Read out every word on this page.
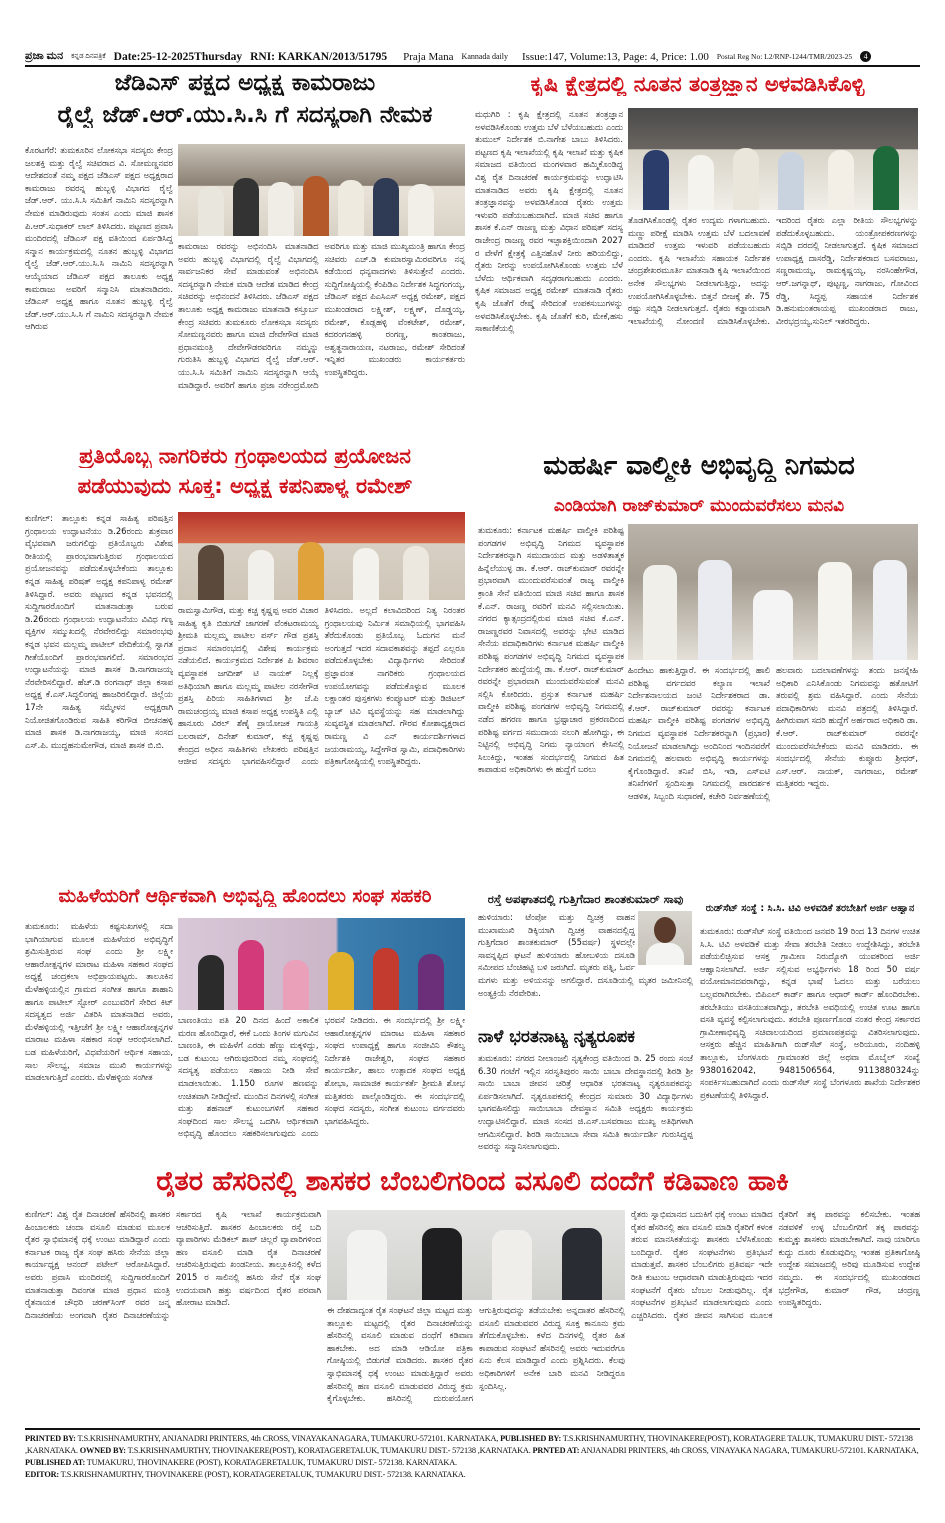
ಪ್ರಜಾ ಮನ ಕನ್ನಡ ದಿನಪತ್ರಿಕೆ Date:25-12-2025Thursday RNI: KARKAN/2013/51795 Praja Mana Kannada daily Issue:147, Volume:13, Page: 4, Price: 1.00 Postal Reg No: L2/RNP-1244/TMR/2023-25	4
ಜೆಡಿಎಸ್ ಪಕ್ಷದ ಅಧ್ಯಕ್ಷ ಕಾಮರಾಜು
ರೈಲ್ವೆ ಜೆಡ್.ಆರ್.ಯು.ಸಿ.ಸಿ ಗೆ ಸದಸ್ಯರಾಗಿ ನೇಮಕ
ಕೊರಟಗೆರೆ: ತುಮಕೂರಿನ ಲೋಕಸಭಾ ಸದಸ್ಯರು ಕೇಂದ್ರ ಜಲಶಕ್ತಿ ಮತ್ತು ರೈಲ್ವೆ ಸಚಿವರಾದ ವಿ. ಸೋಮಣ್ಣನವರ ಆದೇಶದಂತೆ ನಮ್ಮ ಪಕ್ಷದ ಜೆಡಿಎಸ್ ಪಕ್ಷದ ಅಧ್ಯಕ್ಷರಾದ ಕಾಮರಾಜು ರವರನ್ನ ಹುಬ್ಬಳ್ಳಿ ವಿಭಾಗದ ರೈಲ್ವೆ ಜೆಡ್.ಆರ್. ಯು.ಸಿ.ಸಿ ಸಮಿತಿಗೆ ನಾಮಿನಿ ಸದಸ್ಯರನ್ನಾಗಿ ನೇಮಕ ಮಾಡಿರುವುದು ಸಂತಸ ಎಂದು ಮಾಜಿ ಶಾಸಕ ಪಿ.ಆರ್.ಸುಧಾಕರ್ ಲಾಲ್ ತಿಳಿಸಿದರು. ಪಟ್ಟಣದ ಪ್ರವಾಸಿ ಮಂದಿರದಲ್ಲಿ ಜೆಡಿಎಸ್ ಪಕ್ಷ ವತಿಯಿಂದ ಏರ್ಪಡಿಸಿದ್ದ ಸನ್ಮಾನ ಕಾರ್ಯಕ್ರಮದಲ್ಲಿ ನೂತನ ಹುಬ್ಬಳ್ಳಿ ವಿಭಾಗದ ರೈಲ್ವೆ ಜೆಡ್.ಆರ್.ಯು.ಸಿ.ಸಿ ನಾಮಿನಿ ಸದಸ್ಯರನ್ನಾಗಿ ಆಯ್ಕೆಯಾದ ಜೆಡಿಎಸ್ ಪಕ್ಷದ ತಾಲೂಕು ಅಧ್ಯಕ್ಷ ಕಾಮರಾಜು ಅವರಿಗೆ ಸನ್ಮಾನಿಸಿ ಮಾತನಾಡಿದರು. ಜೆಡಿಎಸ್ ಅಧ್ಯಕ್ಷ ಹಾಗೂ ನೂತನ ಹುಬ್ಬಳ್ಳಿ ರೈಲ್ವೆ ಜೆಡ್.ಆರ್.ಯು.ಸಿ.ಸಿ ಗೆ ನಾಮಿನಿ ಸದಸ್ಯರನ್ನಾಗಿ ನೇಮಕ ಆಗಿರುವ
ಕಾಮರಾಜು ರವರನ್ನು ಅಭಿನಂದಿಸಿ ಮಾತನಾಡಿದ ಅವರು ಹುಬ್ಬಳ್ಳಿ ವಿಭಾಗದಲ್ಲಿ ರೈಲ್ವೆ ವಿಭಾಗದಲ್ಲಿ ಸಾರ್ವಜನಿಕರ ಸೇವೆ ಮಾಡುವಂತೆ ಅಭಿನಂದಿಸಿ ಸದಸ್ಯರನ್ನಾಗಿ ನೇಮಕ ಮಾಡಿ ಆದೇಶ ಮಾಡಿದ ಕೇಂದ್ರ ಸಚಿವರನ್ನು ಅಭಿನಂದನೆ ತಿಳಿಸಿದರು. ಜೆಡಿಎಸ್ ಪಕ್ಷದ ತಾಲೂಕು ಅಧ್ಯಕ್ಷ ಕಾಮರಾಜು ಮಾತನಾಡಿ ಕಸ್ತೂರ್ಬ ಕೇಂದ್ರ ಸಚಿವರು ತುಮಕೂರು ಲೋಕಸಭಾ ಸದಸ್ಯರು ಸೋಮಣ್ಣನವರು ಹಾಗೂ ಮಾಜಿ ದೇವೇಗೌಡ ಮಾಜಿ ಪ್ರಧಾನಮಂತ್ರಿ ದೇವೇಗೌಡರವರಿಗೂ ನಮ್ಮನ್ನು ಗುರುತಿಸಿ ಹುಬ್ಬಳ್ಳಿ ವಿಭಾಗದ ರೈಲ್ವೆ ಜೆಡ್.ಆರ್. ಯು.ಸಿ.ಸಿ ಸಮಿತಿಗೆ ನಾಮಿನಿ ಸದಸ್ಯರನ್ನಾಗಿ ಆಯ್ಕೆ ಮಾಡಿದ್ದಾರೆ. ಅವರಿಗೆ ಹಾಗೂ ಪ್ರಜಾ ನರೇಂದ್ರಮೋದಿ ಅವರಿಗೂ ಮತ್ತು ಮಾಜಿ ಮುಖ್ಯಮಂತ್ರಿ ಹಾಗೂ ಕೇಂದ್ರ ಸಚಿವರು ಎಚ್.ಡಿ ಕುಮಾರಸ್ವಾಮಿರವರಿಗೂ ನನ್ನ ಕಡೆಯಿಂದ ಧನ್ಯವಾದಗಳು ತಿಳಿಸುತ್ತೇನೆ ಎಂದರು. ಸುದ್ದಿಗೋಷ್ಠಿಯಲ್ಲಿ ಕೆಂಪಿಡಿಎ ನಿರ್ದೇಶಕ ಸಿದ್ಧಗಂಗಯ್ಯ, ಜೆಡಿಎಸ್ ಪಕ್ಷದ ಪಿಎಸಿಎಸ್ ಅಧ್ಯಕ್ಷ ರಮೇಶ್, ಪಕ್ಷದ ಮುಖಂಡರಾದ ಲಕ್ಷ್ಮೀಶ್, ಲಕ್ಷ್ಮಣ್, ದೊಡ್ಡಯ್ಯ, ರಮೇಶ್, ಕೊಡ್ಲಹಳ್ಳಿ ವೆಂಕಟೇಶ್, ರಮೇಶ್, ಕದರಂಗನಹಳ್ಳಿ ರಂಗಣ್ಣ, ಕಾಂತರಾಜು, ಅಶ್ವತ್ಥನಾರಾಯಣ, ನಟರಾಜು, ರಮೇಶ್ ಸೇರಿದಂತೆ ಇನ್ನಿತರ ಮುಖಂಡರು ಕಾರ್ಯಕರ್ತರು ಉಪಸ್ಥಿತರಿದ್ದರು.
ಕೃಷಿ ಕ್ಷೇತ್ರದಲ್ಲಿ ನೂತನ ತಂತ್ರಜ್ಞಾನ ಅಳವಡಿಸಿಕೊಳ್ಳಿ
ಮಧುಗಿರಿ : ಕೃಷಿ ಕ್ಷೇತ್ರದಲ್ಲಿ ನೂತನ ತಂತ್ರಜ್ಞಾನ ಅಳವಡಿಸಿಕೊಂಡು ಉತ್ತಮ ಬೆಳೆ ಬೆಳೆಯಬಹುದು ಎಂದು ತುಮುಲ್ ನಿರ್ದೇಶಕ ಬಿ.ನಾಗೇಶ ಬಾಬು ತಿಳಿಸಿದರು. ಪಟ್ಟಣದ ಕೃಷಿ ಇಲಾಖೆಯಲ್ಲಿ ಕೃಷಿ ಇಲಾಖೆ ಮತ್ತು ಕೃಷಿಕ ಸಮಾಜದ ವತಿಯಿಂದ ಮಂಗಳವಾರ ಹಮ್ಮಿಕೊಂಡಿದ್ದ ವಿಶ್ವ ರೈತ ದಿನಾಚರಣೆ ಕಾರ್ಯಕ್ರಮವನ್ನು ಉದ್ಘಾಟಿಸಿ ಮಾತನಾಡಿದ ಅವರು ಕೃಷಿ ಕ್ಷೇತ್ರದಲ್ಲಿ ನೂತನ ತಂತ್ರಜ್ಞಾನವನ್ನು ಅಳವಡಿಸಿಕೊಂಡ ರೈತರು ಉತ್ತಮ ಇಳುವರಿ ಪಡೆಯಬಹುದಾಗಿದೆ. ಮಾಜಿ ಸಚಿವ ಹಾಗೂ ಶಾಸಕ ಕೆ.ಎನ್ ರಾಜಣ್ಣ ಮತ್ತು ವಿಧಾನ ಪರಿಷತ್ ಸದಸ್ಯ ರಾಜೇಂದ್ರ ರಾಜಣ್ಣ ರವರ ಇಚ್ಛಾಶಕ್ತಿಯಿಂದಾಗಿ 2027 ರ ವೇಳೆಗೆ ಕ್ಷೇತ್ರಕ್ಕೆ ಎತ್ತಿನಹೊಳೆ ನೀರು ಹರಿಯಲಿದ್ದು, ರೈತರು ನೀರನ್ನು ಉಪಯೋಗಿಸಿಕೊಂಡು ಉತ್ತಮ ಬೆಳೆ ಬೆಳೆದು ಆರ್ಥಿಕವಾಗಿ ಸದೃಢರಾಗಬಹುದು ಎಂದರು. ಕೃಷಿಕ ಸಮಾಜದ ಅಧ್ಯಕ್ಷ ರಮೇಶ್ ಮಾತನಾಡಿ ರೈತರು ಕೃಷಿ ಜೊತೆಗೆ ರೇಷ್ಮೆ ಸೇರಿದಂತೆ ಉಪಕಸುಬುಗಳನ್ನು ಅಳವಡಿಸಿಕೊಳ್ಳಬೇಕು. ಕೃಷಿ ಜೊತೆಗೆ ಕುರಿ, ಮೇಕೆ,ಹಸು ಸಾಕಾಣಿಕೆಯಲ್ಲಿ
ತೊಡಗಿಸಿಕೊಂಡಲ್ಲಿ ರೈತರ ಉದ್ಯಮ ಗಳಾಗಬಹುದು. ಮಣ್ಣು ಪರೀಕ್ಷೆ ಮಾಡಿಸಿ ಉತ್ತಮ ಬೆಳೆ ಬದಲಾವಣೆ ಮಾಡಿದರೆ ಉತ್ತಮ ಇಳುವರಿ ಪಡೆಯಬಹುದು ಎಂದರು. ಕೃಷಿ ಇಲಾಖೆಯ ಸಹಾಯಕ ನಿರ್ದೇಶಕ ಚಂದ್ರಶೇಖರಮೂರ್ತಿ ಮಾತನಾಡಿ ಕೃಷಿ ಇಲಾಖೆಯಿಂದ ಅನೇಕ ಸೌಲಭ್ಯಗಳು ನೀಡಲಾಗುತ್ತಿದ್ದು, ಅದನ್ನು ಉಪಯೋಗಿಸಿಕೊಳ್ಳಬೇಕು. ಬಿತ್ತನೆ ಬೀಜಕ್ಕೆ ಶೇ. 75 ರಷ್ಟು ಸಬ್ಸಿಡಿ ನೀಡಲಾಗುತ್ತದೆ. ರೈತರು ಕಡ್ಡಾಯವಾಗಿ ಇಲಾಖೆಯಲ್ಲಿ ನೋಂದಣಿ ಮಾಡಿಸಿಕೊಳ್ಳಬೇಕು. ಇದರಿಂದ ರೈತರು ಎಲ್ಲಾ ರೀತಿಯ ಸೌಲಭ್ಯಗಳನ್ನು ಪಡೆದುಕೊಳ್ಳಬಹುದು. ಯಂತ್ರೋಪಕರಣಗಳನ್ನು ಸಬ್ಸಿಡಿ ದರದಲ್ಲಿ ನೀಡಲಾಗುತ್ತದೆ. ಕೃಷಿಕ ಸಮಾಜದ ಉಪಾಧ್ಯಕ್ಷ ದಾಸರೆಡ್ಡಿ, ನಿರ್ದೇಶಕರಾದ ಬಸವರಾಜು, ಸಣ್ಣರಾಮಯ್ಯ, ರಾಮಕೃಷ್ಣಯ್ಯ, ನರಸಿಂಹೇಗೌಡ, ಆರ್.ಜಗನ್ನಾಥ್, ಪುಟ್ಟಣ್ಣ, ನಾಗರಾಜು, ಗೋವಿಂದ ರೆಡ್ಡಿ, ಸಿದ್ಧಪ್ಪ ಸಹಾಯಕ ನಿರ್ದೇಶಕ ಡಿ.ಹನುಮಂತರಾಯಪ್ಪ ಮುಖಂಡರಾದ ರಾಜು, ವೀರಭದ್ರಯ್ಯ,ಸುನಿಲ್ ಇತರರಿದ್ದರು.
ಪ್ರತಿಯೊಬ್ಬ ನಾಗರಿಕರು ಗ್ರಂಥಾಲಯದ ಪ್ರಯೋಜನ
ಪಡೆಯುವುದು ಸೂಕ್ತ: ಅಧ್ಯಕ್ಷ ಕಪನಿಪಾಳ್ಯ ರಮೇಶ್
ಕುಣಿಗಲ್: ತಾಲ್ಲೂಕು ಕನ್ನಡ ಸಾಹಿತ್ಯ ಪರಿಷತ್ತಿನ ಗ್ರಂಥಾಲಯ ಉದ್ಘಾಟನೆಯು ಡಿ.26ರಂದು ಶುಕ್ರವಾರ ವೈಭವವಾಗಿ ಜರುಗಲಿದ್ದು ಪ್ರತಿಯೊಬ್ಬರು ವಿಶೇಷ ರೀತಿಯಲ್ಲಿ ಪ್ರಾರಂಭವಾಗುತ್ತಿರುವ ಗ್ರಂಥಾಲಯದ ಪ್ರಯೋಜನವನ್ನು ಪಡೆದುಕೊಳ್ಳಬೇಕೆಂದು ತಾಲ್ಲೂಕು ಕನ್ನಡ ಸಾಹಿತ್ಯ ಪರಿಷತ್ ಅಧ್ಯಕ್ಷ ಕಪನಿಪಾಳ್ಯ ರಮೇಶ್ ತಿಳಿಸಿದ್ದಾರೆ. ಅವರು ಪಟ್ಟಣದ ಕನ್ನಡ ಭವನದಲ್ಲಿ ಸುದ್ದಿಗಾರರೊಂದಿಗೆ ಮಾತನಾಡುತ್ತಾ ಬರುವ ಡಿ.26ರಂದು ಗ್ರಂಥಾಲಯ ಉದ್ಘಾಟನೆಯು ವಿವಿಧ ಗಣ್ಯ ವ್ಯಕ್ತಿಗಳ ಸಮ್ಮುಖದಲ್ಲಿ ನೆರವೇರಲಿದ್ದು ಸಮಾರಂಭವು ಕನ್ನಡ ಭವನ ಮಲ್ಲಮ್ಮ ಪಾಟೀಲ್ ವೇದಿಕೆಯಲ್ಲಿ ಸ್ವಾಗತ ಗೀತೆಯೊಂದಿಗೆ ಪ್ರಾರಂಭವಾಗಲಿದೆ. ಸಮಾರಂಭದ ಉದ್ಘಾಟನೆಯನ್ನು ಮಾಜಿ ಶಾಸಕ ಡಿ.ನಾಗರಾಜಯ್ಯ ನೆರವೇರಿಸಲಿದ್ದಾರೆ. ಹೆಚ್.ಡಿ ರಂಗನಾಥ್ ಜಿಲ್ಲಾ ಕಸಾಪ ಅಧ್ಯಕ್ಷ ಕೆ.ಎಸ್.ಸಿದ್ಧಲಿಂಗಪ್ಪ ಹಾಜರಿರಲಿದ್ದಾರೆ. ಜಿಲ್ಲೆಯ 17ನೇ ಸಾಹಿತ್ಯ ಸಮ್ಮೇಳನ ಅಧ್ಯಕ್ಷರಾಗಿ ನಿಯೋಜಿತಗೊಂಡಿರುವ ಸಾಹಿತಿ ಕರಿಗೌಡ ಬೀಚನಹಳ್ಳಿ ಮಾಜಿ ಶಾಸಕ ಡಿ.ನಾಗರಾಜಯ್ಯ, ಮಾಜಿ ಸಂಸದ ಎಸ್.ಪಿ. ಮುದ್ದಹನುಮೇಗೌಡ, ಮಾಜಿ ಶಾಸಕ ಬಿ.ಬಿ.
ರಾಮಸ್ವಾಮಿಗೌಡ, ಮತ್ತು ಕಚ್ಚ ಕೃಷ್ಣಪ್ಪ ಅವರ ವಿಚಾರ ಸಾಹಿತ್ಯ ಕೃತಿ ಬಿಡುಗಡೆ ಜಾಗರಣೆ ವೆಂಕಟರಾಮಯ್ಯ ಶ್ರೀಮತಿ ಮಲ್ಲಮ್ಮ ಪಾಟೀಲ ಪರ್ಸ್ ಗೌಡ ಪ್ರಶಸ್ತಿ ಪ್ರದಾನ ಸಮಾರಂಭದಲ್ಲಿ ವಿಶೇಷ ಕಾರ್ಯಕ್ರಮ ನಡೆಯಲಿದೆ. ಕಾರ್ಯಕ್ರಮದ ನಿರ್ದೇಶಕ ಪಿ ಶಿವರಾಂ ವ್ಯವಸ್ಥಾಪಕ ಜಗದೀಶ್ ಟಿ ನಾಯಕ್ ನಿಲ್ಲಕ್ಕೆ ಅತಿಥಿಯಾಗಿ ಹಾಗೂ ಮಲ್ಲಮ್ಮ ಪಾಟೀಲ ನರಸೇಗೌಡ ಪ್ರಶಸ್ತಿ ಪಿರಿಯ ಸಾಹಿತಿಗಳಾದ ಶ್ರೀ ಜೆ.ಪಿ ರಾಮಚಂದ್ರಯ್ಯ ಮಾಜಿ ಕಸಾಪ ಅಧ್ಯಕ್ಷ ಉಪಸ್ಥಿತಿ ಎಲ್ಲಿ ಹಾನೂರು ವಿಠಲ್ ಶೆಣೈ ಪ್ರಾಯೋಜಕ ಗಾಯತ್ರಿ ಬಲರಾಮ್, ದಿನೇಶ್ ಕುಮಾರ್, ಕಚ್ಚ ಕೃಷ್ಣಪ್ಪ ಕೇಂದ್ರದ ಅಧೀನ ಸಾಹಿತಿಗಳು ಲೇಖಕರು ಪರಿಷತ್ತಿನ ಆಜೀವ ಸದಸ್ಯರು ಭಾಗವಹಿಸಲಿದ್ದಾರೆ ಎಂದು ತಿಳಿಸಿದರು. ಅಲ್ಲದೆ ಕಲಾವಿದರಿಂದ ನಿತ್ಯ ನಿರಂತರ ಗ್ರಂಥಾಲಯವು ನಿರ್ಮಿತ ಸಮಾಧಿಯಲ್ಲಿ ಭಾಗವಹಿಸಿ ತೆರೆದುಕೊಂಡು ಪ್ರತಿಯೊಬ್ಬ ಓದುಗನ ಮನೆ ಅಂಗುತ್ತದೆ ಇದರ ಸದಾವಕಾಶವನ್ನು ತಪ್ಪದೆ ಎಲ್ಲರೂ ಪಡೆದುಕೊಳ್ಳಬೇಕು ವಿದ್ಯಾರ್ಥಿಗಳು ಸೇರಿದಂತೆ ಪ್ರಜ್ಞಾವಂತ ನಾಗರಿಕರು ಗ್ರಂಥಾಲಯದ ಉಪಯೋಗವನ್ನು ಪಡೆದುಕೊಳ್ಳುವ ಮೂಲಕ ಲಕ್ಷಾಂತರ ಪುಸ್ತಕಗಳು ಕಂಪ್ಯೂಟರ್ ಮತ್ತು ಡಿಜಿಟಲ್ ಬ್ಯಾಚ್ ಟಿವಿ ವ್ಯವಸ್ಥೆಯನ್ನು ಸಹ ಮಾಡಲಾಗಿದ್ದು ಸುವ್ಯವಸ್ಥಿತ ಮಾಡಲಾಗಿದೆ. ಗೌರವ ಕೋಶಾಧ್ಯಕ್ಷರಾದ ರಾಮಣ್ಣ ವಿ ಎನ್ ಕಾರ್ಯದರ್ಶಿಗಳಾದ ಜಯರಾಮಯ್ಯ, ಸಿದ್ದೇಗೌಡ ಸ್ವಾಮಿ, ಪದಾಧಿಕಾರಿಗಳು ಪತ್ರಿಕಾಗೋಷ್ಠಿಯಲ್ಲಿ ಉಪಸ್ಥಿತರಿದ್ದರು.
ಮಹರ್ಷಿ ವಾಲ್ಮೀಕಿ ಅಭಿವೃದ್ಧಿ ನಿಗಮದ
ಎಂಡಿಯಾಗಿ ರಾಜ್‌ಕುಮಾರ್ ಮುಂದುವರೆಸಲು ಮನವಿ
ತುಮಕೂರು: ಕರ್ನಾಟಕ ಮಹರ್ಷಿ ವಾಲ್ಮೀಕಿ ಪರಿಶಿಷ್ಟ ಪಂಗಡಗಳ ಅಭಿವೃದ್ಧಿ ನಿಗಮದ ವ್ಯವಸ್ಥಾಪಕ ನಿರ್ದೇಶಕರನ್ನಾಗಿ ಸಮುದಾಯದ ಮತ್ತು ಅಡಳಿತಾತ್ಮಕ ಹಿನ್ನೆಲೆಯುಳ್ಳ ಡಾ. ಕೆ.ಆರ್. ರಾಜ್‌ಕುಮಾರ್ ರವರನ್ನೇ ಪ್ರಭಾರವಾಗಿ ಮುಂದುವರೆಸುವಂತೆ ರಾಜ್ಯ ವಾಲ್ಮೀಕಿ ಕ್ರಾಂತಿ ಸೇನೆ ವತಿಯಿಂದ ಮಾಜಿ ಸಚಿವ ಹಾಗೂ ಶಾಸಕ ಕೆ.ಎನ್. ರಾಜಣ್ಣ ರವರಿಗೆ ಮನವಿ ಸಲ್ಲಿಸಲಾಯಿತು. ನಗರದ ಕ್ಯಾತ್ಸಂದ್ರದಲ್ಲಿರುವ ಮಾಜಿ ಸಚಿವ ಕೆ.ಎನ್. ರಾಜಣ್ಣರವರ ನಿವಾಸದಲ್ಲಿ ಅವರನ್ನು ಭೇಟಿ ಮಾಡಿದ ಸೇನೆಯ ಪದಾಧಿಕಾರಿಗಳು ಕರ್ನಾಟಕ ಮಹರ್ಷಿ ವಾಲ್ಮೀಕಿ ಪರಿಶಿಷ್ಟ ಪಂಗಡಗಳ ಅಭಿವೃದ್ಧಿ ನಿಗಮದ ವ್ಯವಸ್ಥಾಪಕ ನಿರ್ದೇಶಕರ ಹುದ್ದೆಯಲ್ಲಿ ಡಾ. ಕೆ.ಆರ್. ರಾಜ್‌ಕುಮಾರ್ ರವರನ್ನೇ ಪ್ರಭಾರವಾಗಿ ಮುಂದುವರೆಸುವಂತೆ ಮನವಿ ಸಲ್ಲಿಸಿ ಕೋರಿದರು. ಪ್ರಸ್ತುತ ಕರ್ನಾಟಕ ಮಹರ್ಷಿ ವಾಲ್ಮೀಕಿ ಪರಿಶಿಷ್ಟ ಪಂಗಡಗಳ ಅಭಿವೃದ್ಧಿ ನಿಗಮದಲ್ಲಿ ನಡೆದ ಹಗರಣ ಹಾಗೂ ಭ್ರಷ್ಟಾಚಾರ ಪ್ರಕರಣದಿಂದ ಪರಿಶಿಷ್ಟ ವರ್ಗದ ಸಮುದಾಯ ನಲುಗಿ ಹೋಗಿದ್ದು, ಈ ನಿಟ್ಟಿನಲ್ಲಿ ಅಭಿವೃದ್ಧಿ ನಿಗಮ ನ್ಯಾಯಾಂಗ ಕೇಸಿನಲ್ಲಿ ಸಿಲುಕಿದ್ದು, ಇಂತಹ ಸಂದರ್ಭದಲ್ಲಿ ನಿಗಮದ ಹಿತ ಕಾಪಾಡುವ ಅಧಿಕಾರಿಗಳು ಈ ಹುದ್ದೆಗೆ ಬರಲು
ಹಿಂದೇಟು ಹಾಕುತ್ತಿದ್ದಾರೆ. ಈ ಸಂದರ್ಭದಲ್ಲಿ ಹಾಲಿ ಪರಿಶಿಷ್ಟ ವರ್ಗದವರ ಕಲ್ಯಾಣ ಇಲಾಖೆ ನಿರ್ದೇಶನಾಲಯದ ಜಂಟಿ ನಿರ್ದೇಶಕರಾದ ಡಾ. ಕೆ.ಆರ್. ರಾಜ್‌ಕುಮಾರ್ ರವರನ್ನು ಕರ್ನಾಟಕ ಮಹರ್ಷಿ ವಾಲ್ಮೀಕಿ ಪರಿಶಿಷ್ಟ ಪಂಗಡಗಳ ಅಭಿವೃದ್ಧಿ ನಿಗಮದ ವ್ಯವಸ್ಥಾಪಕ ನಿರ್ದೇಶಕರನ್ನಾಗಿ (ಪ್ರಭಾರ) ನಿಯೋಜನೆ ಮಾಡಲಾಗಿದ್ದು ಅಂದಿನಿಂದ ಇಂದಿನವರೆಗೆ ನಿಗಮದಲ್ಲಿ ಹಲವಾರು ಅಭಿವೃದ್ಧಿ ಕಾರ್ಯಗಳನ್ನು ಕೈಗೊಂಡಿದ್ದಾರೆ. ತನಿಖೆ ಬಿಸಿ, ಇಡಿ, ಎಸ್‌ಐಟಿ ತನಿಖೆಗಳಿಗೆ ಸ್ಪಂದಿಸುತ್ತಾ ನಿಗಮದಲ್ಲಿ ಪಾರದರ್ಶಕ ಆಡಳಿತ, ಸಿಬ್ಬಂದಿ ಸುಧಾರಣೆ, ಕಚೇರಿ ನಿರ್ವಹಣೆಯಲ್ಲಿ ಹಲವಾರು ಬದಲಾವಣೆಗಳನ್ನು ತಂದು ಜನಸ್ನೇಹಿ ಅಧಿಕಾರಿ ಎನಿಸಿಕೊಂಡು ನಿಗಮವನ್ನು ಹತೋಟಿಗೆ ತರುವಲ್ಲಿ ಶ್ರಮ ವಹಿಸಿದ್ದಾರೆ. ಎಂದು ಸೇನೆಯ ಪದಾಧಿಕಾರಿಗಳು ಮನವಿ ಪತ್ರದಲ್ಲಿ ತಿಳಿಸಿದ್ದಾರೆ. ಹೀಗಿರುವಾಗ ಸದರಿ ಹುದ್ದೆಗೆ ಅರ್ಹರಾದ ಅಧಿಕಾರಿ ಡಾ. ಕೆ.ಆರ್. ರಾಜ್‌ಕುಮಾರ್ ರವರನ್ನೇ ಮುಂದುವರೆಸಬೇಕೆಂದು ಮನವಿ ಮಾಡಿದರು. ಈ ಸಂದರ್ಭದಲ್ಲಿ ಸೇನೆಯ ಕುಪ್ಪೂರು ಶ್ರೀಧರ್, ಎಸ್.ಆರ್. ನಾಯಕ್, ನಾಗರಾಜು, ರಮೇಶ್ ಮತ್ತಿತರರು ಇದ್ದರು.
ಮಹಿಳೆಯರಿಗೆ ಆರ್ಥಿಕವಾಗಿ ಅಭಿವೃದ್ಧಿ ಹೊಂದಲು ಸಂಘ ಸಹಕರಿ
ತುಮಕೂರು: ಮಹಿಳೆಯ ಕಷ್ಟಸುಖಗಳಲ್ಲಿ ಸದಾ ಭಾಗಿಯಾಗುವ ಮೂಲಕ ಮಹಿಳೆಯರ ಅಭಿವೃದ್ಧಿಗೆ ಶ್ರಮಿಸುತ್ತಿರುವ ಸಂಘ ಎಂದು ಶ್ರೀ ಲಕ್ಷ್ಮೀ ಆಹಾರೋತ್ಪನ್ನಗಳ ಮಾರಾಟ ಮಹಿಳಾ ಸಹಕಾರ ಸಂಘದ ಅಧ್ಯಕ್ಷೆ ಚಂದ್ರಕಲಾ ಅಭಿಪ್ರಾಯಪಟ್ಟರು. ತಾಲೂಕಿನ ಮೆಳೆಹಳ್ಳಿಯಲ್ಲಿನ ಗ್ರಾಮದ ಸಂಗೀತ ಹಾಗೂ ಶಾಹಾನಿ ಹಾಗೂ ಪಾಟೀಲ್ ಸ್ಟೋರ್ ಎಂಬುವರಿಗೆ ಸೇರಿದ ಕಿಟ್ ಸದಸ್ಯತ್ವದ ಅರ್ಜಿ ವಿತರಿಸಿ ಮಾತನಾಡಿದ ಅವರು, ಮೆಳೆಹಳ್ಳಿಯಲ್ಲಿ ಇತ್ತೀಚೆಗೆ ಶ್ರೀ ಲಕ್ಷ್ಮೀ ಆಹಾರೋತ್ಪನ್ನಗಳ ಮಾರಾಟ ಮಹಿಳಾ ಸಹಕಾರ ಸಂಘ ಆರಂಭಿಸಲಾಗಿದೆ. ಬಡ ಮಹಿಳೆಯರಿಗೆ, ವಿಧವೆಯರಿಗೆ ಆರ್ಥಿಕ ಸಹಾಯ, ಸಾಲ ಸೌಲಭ್ಯ, ಸಮಾಜ ಮುಖಿ ಕಾರ್ಯಗಳನ್ನು ಮಾಡಲಾಗುತ್ತಿದೆ ಎಂದರು. ಮೆಳೆಹಳ್ಳಿಯ ಸಂಗೀತ
ಬಾಣಂತಿಯು ಪತಿ 20 ದಿನದ ಹಿಂದೆ ಅಕಾಲಿಕ ಮರಣ ಹೊಂದಿದ್ದಾರೆ, ಈಕೆ ಒಂದು ತಿಂಗಳ ಮಗುವಿನ ಬಾಣಂತಿ, ಈ ಮಹಿಳೆಗೆ ಎರಡು ಹೆಣ್ಣು ಮಕ್ಕಳಿದ್ದು, ಬಡ ಕುಟುಂಬ ಆಗಿರುವುದರಿಂದ ನಮ್ಮ ಸಂಘದಲ್ಲಿ ಸದಸ್ಯತ್ವ ಪಡೆಯಲು ಸಹಾಯ ನೀಡಿ ಸೇವೆ ಮಾಡಲಾಯಿತು. 1.150 ರೂಗಳ ಹಣವನ್ನು ಉಚಿತವಾಗಿ ನೀಡಿದ್ದೇವೆ. ಮುಂದಿನ ದಿನಗಳಲ್ಲಿ ಸಂಗೀತ ಮತ್ತು ಶಹನಾಜ್ ಕುಟುಂಬಗಳಿಗೆ ಸಹಕಾರ ಸಂಘದಿಂದ ಸಾಲ ಸೌಲಭ್ಯ ಒದಗಿಸಿ ಆರ್ಥಿಕವಾಗಿ ಅಭಿವೃದ್ಧಿ ಹೊಂದಲು ಸಹಕರಿಸಲಾಗುವುದು ಎಂದು ಭರವಸೆ ನೀಡಿದರು. ಈ ಸಂದರ್ಭದಲ್ಲಿ ಶ್ರೀ ಲಕ್ಷ್ಮೀ ಆಹಾರೋತ್ಪನ್ನಗಳ ಮಾರಾಟ ಮಹಿಳಾ ಸಹಕಾರ ಸಂಘದ ಉಪಾಧ್ಯಕ್ಷೆ ಹಾಗೂ ಸಂಜೀವಿನಿ ಕೌಶಲ್ಯ ನಿರ್ದೇಶಕಿ ರಾಜೇಶ್ವರಿ, ಸಂಘದ ಸಹಕಾರ ಕಾರ್ಯದರ್ಶಿ, ಹಾಲು ಉತ್ಪಾದಕ ಸಂಘದ ಅಧ್ಯಕ್ಷ ಶೋಭಾ, ಸಾಮಾಜಿಕ ಕಾರ್ಯಕರ್ತೆ ಶ್ರೀಮತಿ ಶೋಭ ಮತ್ತಿತರರು ಪಾಲ್ಗೊಂಡಿದ್ದರು. ಈ ಸಂದರ್ಭದಲ್ಲಿ ಸಂಘದ ಸದಸ್ಯರು, ಸಂಗೀತ ಕುಟುಂಬ ವರ್ಗದವರು ಭಾಗವಹಿಸಿದ್ದರು.
ರಸ್ತೆ ಅಪಘಾತದಲ್ಲಿ ಗುತ್ತಿಗೆದಾರ ಶಾಂತಕುಮಾರ್ ಸಾವು
ಹುಳಿಯಾರು: ಟೆಂಪೋ ಮತ್ತು ದ್ವಿಚಕ್ರ ವಾಹನ ಮುಖಾಮುಖಿ ಡಿಕ್ಕಿಯಾಗಿ ದ್ವಿಚಕ್ರ ವಾಹನದಲ್ಲಿದ್ದ ಗುತ್ತಿಗೆದಾರ ಶಾಂತಕುಮಾರ್ (55ವರ್ಷ) ಸ್ಥಳದಲ್ಲೇ ಸಾವನ್ನಪ್ಪಿದ ಘಟನೆ ಹುಳಿಯಾರು ಹೋಬಳಿಯ ದಸೂಡಿ ಸಮೀಪದ ಬೆಂಚಿಹಟ್ಟಿ ಬಳಿ ಜರುಗಿದೆ. ಮೃತರು ಪತ್ನಿ, ಓರ್ವ ಮಗಳು ಮತ್ತು ಅಳಿಯನನ್ನು ಅಗಲಿದ್ದಾರೆ. ದಸೂಡಿಯಲ್ಲಿ ಮೃತರ ಜಮೀನಿನಲ್ಲಿ ಅಂತ್ಯಕ್ರಿಯೆ ನೆರವೇರಿತು.
ನಾಳೆ ಭರತನಾಟ್ಯ ನೃತ್ಯರೂಪಕ
ತುಮಕೂರು: ನಗರದ ನೀಲಾಂಜಲಿ ನೃತ್ಯಕೇಂದ್ರ ವತಿಯಿಂದ ಡಿ. 25 ರಂದು ಸಂಜೆ 6.30 ಗಂಟೆಗೆ ಇಲ್ಲಿನ ಸರಸ್ವತಿಪುರಂ ಸಾಯಿ ಬಾಬಾ ದೇವಸ್ಥಾನದಲ್ಲಿ ಶಿರಡಿ ಶ್ರೀ ಸಾಯಿ ಬಾಬಾ ಜೀವನ ಚರಿತ್ರೆ ಆಧಾರಿತ ಭರತನಾಟ್ಯ ನೃತ್ಯರೂಪಕವನ್ನು ಏರ್ಪಡಿಸಲಾಗಿದೆ. ನೃತ್ಯರೂಪಕದಲ್ಲಿ ಕೇಂದ್ರದ ಸುಮಾರು 30 ವಿದ್ಯಾರ್ಥಿಗಳು ಭಾಗವಹಿಸಲಿದ್ದು ಸಾಯಿಬಾಬಾ ದೇವಸ್ಥಾನ ಸಮಿತಿ ಅಧ್ಯಕ್ಷರು ಕಾರ್ಯಕ್ರಮ ಉದ್ಘಾಟಿಸಲಿದ್ದಾರೆ. ಮಾಜಿ ಸಂಸದ ಜಿ.ಎಸ್.ಬಸವರಾಜು ಮುಖ್ಯ ಅತಿಥಿಗಳಾಗಿ ಆಗಮಿಸಲಿದ್ದಾರೆ. ಶಿರಡಿ ಸಾಯಿಬಾಬಾ ಸೇವಾ ಸಮಿತಿ ಕಾರ್ಯದರ್ಶಿ ಗುರುಸಿದ್ದಪ್ಪ ಅವರನ್ನು ಸನ್ಮಾನಿಸಲಾಗುವುದು.
ರುಡ್‌ಸೆಟ್ ಸಂಸ್ಥೆ : ಸಿ.ಸಿ. ಟಿವಿ ಅಳವಡಿಕೆ ತರಬೇತಿಗೆ ಅರ್ಜಿ ಆಹ್ವಾನ
ತುಮಕೂರು: ರುಡ್‌ಸೆಟ್ ಸಂಸ್ಥೆ ವತಿಯಿಂದ ಜನವರಿ 19 ರಿಂದ 13 ದಿನಗಳ ಉಚಿತ ಸಿ.ಸಿ. ಟಿವಿ ಅಳವಡಿಕೆ ಮತ್ತು ಸೇವಾ ತರಬೇತಿ ನೀಡಲು ಉದ್ದೇಶಿಸಿದ್ದು, ತರಬೇತಿ ಪಡೆಯಲಿಚ್ಛಿಸುವ ಆಸಕ್ತ ಗ್ರಾಮೀಣ ನಿರುದ್ಯೋಗಿ ಯುವಕರಿಂದ ಅರ್ಜಿ ಆಹ್ವಾನಿಸಲಾಗಿದೆ. ಅರ್ಜಿ ಸಲ್ಲಿಸುವ ಅಭ್ಯರ್ಥಿಗಳು 18 ರಿಂದ 50 ವರ್ಷ ವಯೋಮಾನದವರಾಗಿದ್ದು, ಕನ್ನಡ ಭಾಷೆ ಓದಲು ಮತ್ತು ಬರೆಯಲು ಬಲ್ಲವರಾಗಿರಬೇಕು. ಬಿಪಿಎಲ್ ಕಾರ್ಡ್ ಹಾಗೂ ಆಧಾರ್ ಕಾರ್ಡ್ ಹೊಂದಿರಬೇಕು. ತರಬೇತಿಯು ವಸತಿಯುತವಾಗಿದ್ದು, ತರಬೇತಿ ಅವಧಿಯಲ್ಲಿ ಉಚಿತ ಊಟ ಹಾಗೂ ವಸತಿ ವ್ಯವಸ್ಥೆ ಕಲ್ಪಿಸಲಾಗುವುದು. ತರಬೇತಿ ಪೂರ್ಣಗೊಂಡ ನಂತರ ಕೇಂದ್ರ ಸರ್ಕಾರದ ಗ್ರಾಮೀಣಾಭಿವೃದ್ಧಿ ಸಚಿವಾಲಯದಿಂದ ಪ್ರಮಾಣಪತ್ರವನ್ನು ವಿತರಿಸಲಾಗುವುದು. ಆಸಕ್ತರು ಹೆಚ್ಚಿನ ಮಾಹಿತಿಗಾಗಿ ರುಡ್‌ಸೆಟ್ ಸಂಸ್ಥೆ, ಅರಿಯೂರು, ನಂದಿಹಳ್ಳಿ ತಾಲ್ಲೂಕು, ಬೆಂಗಳೂರು ಗ್ರಾಮಾಂತರ ಜಿಲ್ಲೆ ಅಥವಾ ಮೊಬೈಲ್ ಸಂಖ್ಯೆ 9380162042, 9481506564, 9113880324ನ್ನು ಸಂಪರ್ಕಿಸಬಹುದಾಗಿದೆ ಎಂದು ರುಡ್‌ಸೆಟ್ ಸಂಸ್ಥೆ ಬೆಂಗಳೂರು ಶಾಖೆಯ ನಿರ್ದೇಶಕರ ಪ್ರಕಟಣೆಯಲ್ಲಿ ತಿಳಿಸಿದ್ದಾರೆ.
ರೈತರ ಹೆಸರಿನಲ್ಲಿ ಶಾಸಕರ ಬೆಂಬಲಿಗರಿಂದ ವಸೂಲಿ ದಂದೆಗೆ ಕಡಿವಾಣ ಹಾಕಿ
ಕುಣಿಗಲ್: ವಿಶ್ವ ರೈತ ದಿನಾಚರಣೆ ಹೆಸರಿನಲ್ಲಿ ಶಾಸಕರ ಹಿಂಬಾಲಕರು ಚಂದಾ ವಸೂಲಿ ಮಾಡುವ ಮೂಲಕ ರೈತರ ಸ್ವಾಭಿಮಾನಕ್ಕೆ ಧಕ್ಕೆ ಉಂಟು ಮಾಡಿದ್ದಾರೆ ಎಂದು ಕರ್ನಾಟಕ ರಾಜ್ಯ ರೈತ ಸಂಘ ಹಸಿರು ಸೇನೆಯ ಜಿಲ್ಲಾ ಕಾರ್ಯಾಧ್ಯಕ್ಷ ಆನಂದ್ ಪಟೇಲ್ ಆರೋಪಿಸಿದ್ದಾರೆ. ಅವರು ಪ್ರವಾಸಿ ಮಂದಿರದಲ್ಲಿ ಸುದ್ದಿಗಾರರೊಂದಿಗೆ ಮಾತನಾಡುತ್ತಾ ದಿವಂಗತ ಮಾಜಿ ಪ್ರಧಾನ ಮಂತ್ರಿ ರೈತನಾಯಕ ಚೌಧರಿ ಚರಣ್‌ಸಿಂಗ್ ರವರ ಜನ್ಮ ದಿನಾಚರಣೆಯ ಅಂಗವಾಗಿ ರೈತರ ದಿನಾಚರಣೆಯನ್ನು ಸರ್ಕಾರದ ಕೃಷಿ ಇಲಾಖೆ ಕಾರ್ಯಕ್ರಮವಾಗಿ ಆಚರಿಸುತ್ತಿದೆ. ಶಾಸಕರ ಹಿಂಬಾಲಕರು ರಸ್ತೆ ಬದಿ ವ್ಯಾಪಾರಿಗಳು ಮೆಡಿಕಲ್ ಶಾಪ್ ಚಿಲ್ಲರೆ ವ್ಯಾಪಾರಿಗಳಿಂದ ಹಣ ವಸೂಲಿ ಮಾಡಿ ರೈತ ದಿನಾಚರಣೆ ಆಚರಿಸುತ್ತಿರುವುದು ಖಂಡನೀಯ. ತಾಲ್ಲೂಕಿನಲ್ಲಿ ಕಳೆದ 2015 ರ ಸಾಲಿನಲ್ಲಿ ಹಸಿರು ಸೇನೆ ರೈತ ಸಂಘ ಉದಯವಾಗಿ ಹತ್ತು ವರ್ಷದಿಂದ ರೈತರ ಪರವಾಗಿ ಹೋರಾಟ ಮಾಡಿದೆ.
ಈ ದೇಶದಾದ್ಯಂತ ರೈತ ಸಂಘಟನೆ ಜಿಲ್ಲಾ ಮಟ್ಟದ ಮತ್ತು ತಾಲ್ಲೂಕು ಮಟ್ಟದಲ್ಲಿ ರೈತರ ದಿನಾಚರಣೆಯನ್ನು ಹೆಸರಿನಲ್ಲಿ ವಸೂಲಿ ಮಾಡುವ ದಂಧೆಗೆ ಕಡಿವಾಣ ಹಾಕಬೇಕು. ಅದ ಮಾಡಿ ಆಡಿಯೋ ಪತ್ರಿಕಾ ಗೋಷ್ಠಿಯಲ್ಲಿ ಬಿಡುಗಡೆ ಮಾಡಿದರು. ಶಾಸಕರ ರೈತರ ಸ್ವಾಭಿಮಾನಕ್ಕೆ ಧಕ್ಕೆ ಉಂಟು ಮಾಡುತ್ತಿದ್ದಾರೆ ಅವರು ಹೆಸರಿನಲ್ಲಿ ಹಣ ವಸೂಲಿ ಮಾಡುವವರ ವಿರುದ್ಧ ಕ್ರಮ ಕೈಗೊಳ್ಳಬೇಕು. ಹಸಿರಿನಲ್ಲಿ ದುರುಪಯೋಗ ಆಗುತ್ತಿರುವುದನ್ನು ತಡೆಯಬೇಕು ಅನ್ನದಾತರ ಹೆಸರಿನಲ್ಲಿ ವಸೂಲಿ ಮಾಡುವವರ ವಿರುದ್ಧ ಸೂಕ್ತ ಕಾನೂನು ಕ್ರಮ ತೆಗೆದುಕೊಳ್ಳಬೇಕು. ಕಳೆದ ದಿನಗಳಲ್ಲಿ ರೈತರ ಹಿತ ಕಾಪಾಡುವ ಸಂಘಟನೆ ಹೆಸರಿನಲ್ಲಿ ಅವರು ಇದುವರೆಗೂ ಏನು ಕೆಲಸ ಮಾಡಿದ್ದಾರೆ ಎಂದು ಪ್ರಶ್ನಿಸಿದರು. ಕೆಲವು ಅಧಿಕಾರಿಗಳಿಗೆ ಅನೇಕ ಬಾರಿ ಮನವಿ ನೀಡಿದ್ದರೂ ಸ್ಪಂದಿಸಿಲ್ಲ.
ರೈತರು ಸ್ವಾಭಿಮಾನದ ಬದುಕಿಗೆ ಧಕ್ಕೆ ಉಂಟು ಮಾಡಿದ ರೈತರ ಹೆಸರಿನಲ್ಲಿ ಹಣ ವಸೂಲಿ ಮಾಡಿ ರೈತರಿಗೆ ಕಳಂಕ ತರುವ ಮಾನಸಿಕತೆಯನ್ನು ಶಾಸಕರು ಬೆಳೆಸಿಕೊಂಡು ಬಂದಿದ್ದಾರೆ. ರೈತರ ಸಂಘಟನೆಗಳು ಪ್ರತಿಭಟನೆ ಮಾಡುತ್ತವೆ. ಶಾಸಕರ ಬೆಂಬಲಿಗರು ಪ್ರತಿವರ್ಷ ಇದೇ ರೀತಿ ಕುಟುಂಬ ಆಧಾರವಾಗಿ ಮಾಡುತ್ತಿರುವುದು ಇದರ ಸಂಘಟನೆಗೆ ರೈತರು ಬೆಂಬಲ ನೀಡುವುದಿಲ್ಲ. ರೈತ ಸಂಘಟನೆಗಳ ಪ್ರತಿಭಟನೆ ಮಾಡಲಾಗುವುದು ಎಂದು ಎಚ್ಚರಿಸಿದರು. ರೈತರ ಜೀವನ ಸಾಗಿಸುವ ಮೂಲಕ ರೈತರಿಗೆ ತಕ್ಕ ಪಾಠವನ್ನು ಕಲಿಸಬೇಕು. ಇಂತಹ ನಡವಳಿಕೆ ಉಳ್ಳ ಬೆಂಬಲಿಗರಿಗೆ ತಕ್ಕ ಪಾಠವನ್ನು ಕುಮ್ಮಕ್ಕು ಶಾಸಕರು ಮಾಡಬೇಕಾಗಿದೆ. ನಾವು ಯಾರಿಗೂ ಕುದ್ದು ದೂರು ಕೊಡುವುದಿಲ್ಲ ಇಂತಹ ಪ್ರತಿಕಾಗೋಷ್ಠಿ ಉದ್ದೇಶ ಸಮಾಜದಲ್ಲಿ ಅರಿವು ಮೂಡಿಸುವ ಉದ್ದೇಶ ನಮ್ಮದು. ಈ ಸಂದರ್ಭದಲ್ಲಿ ಮುಖಂಡರಾದ ಭದ್ರೇಗೌಡ, ಕುಮಾರ್ ಗೌಡ, ಚಂದ್ರಣ್ಣ ಉಪಸ್ಥಿತರಿದ್ದರು.
PRINTED BY: T.S.KRISHNAMURTHY, ANJANADRI PRINTERS, 4th CROSS, VINAYAKANAGARA, TUMAKURU-572101. KARNATAKA, PUBLISHED BY: T.S.KRISHNAMURTHY, THOVINAKERE(POST), KORATAGERE TALUK, TUMAKURU DIST.- 572138 ,KARNATAKA. OWNED BY: T.S.KRISHNAMURTHY, THOVINAKERE(POST), KORATAGERETALUK, TUMAKURU DIST.- 572138 ,KARNATAKA. PRNTED AT: ANJANADRI PRINTERS, 4th CROSS, VINAYAKA NAGARA, TUMAKURU-572101. KARNATAKA, PUBLISHED AT: TUMAKURU, THOVINAKERE (POST), KORATAGERETALUK, TUMAKURU DIST.- 572138. KARNATAKA.
EDITOR: T.S.KRISHNAMURTHY, THOVINAKERE (POST), KORATAGERETALUK, TUMAKURU DIST.- 572138. KARNATAKA.
